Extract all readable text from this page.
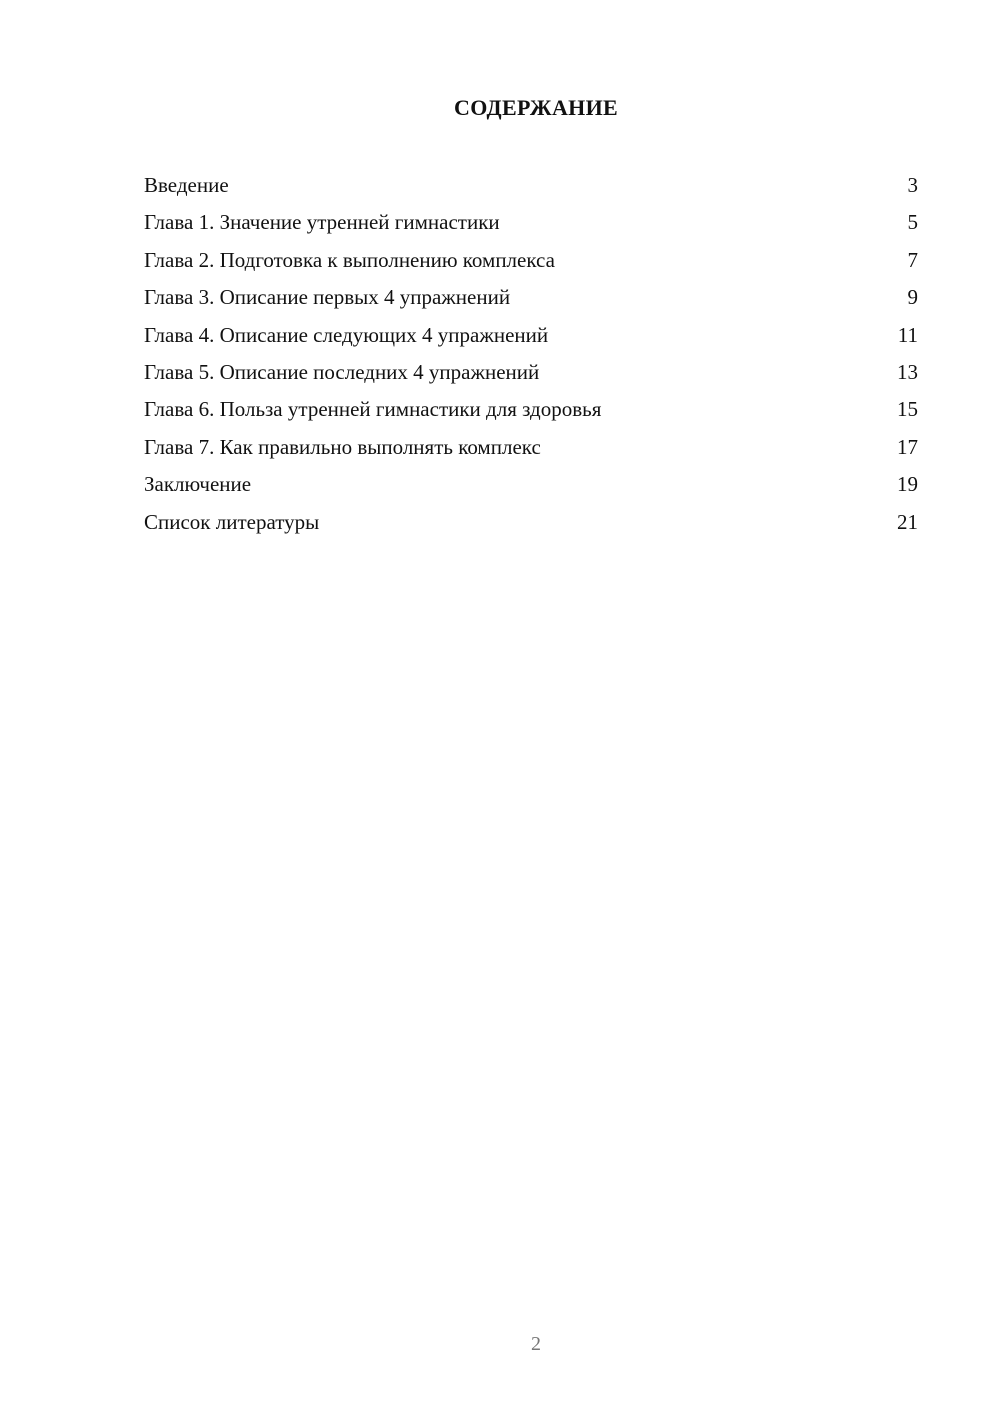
СОДЕРЖАНИЕ
Введение	3
Глава 1. Значение утренней гимнастики	5
Глава 2. Подготовка к выполнению комплекса	7
Глава 3. Описание первых 4 упражнений	9
Глава 4. Описание следующих 4 упражнений	11
Глава 5. Описание последних 4 упражнений	13
Глава 6. Польза утренней гимнастики для здоровья	15
Глава 7. Как правильно выполнять комплекс	17
Заключение	19
Список литературы	21
2
